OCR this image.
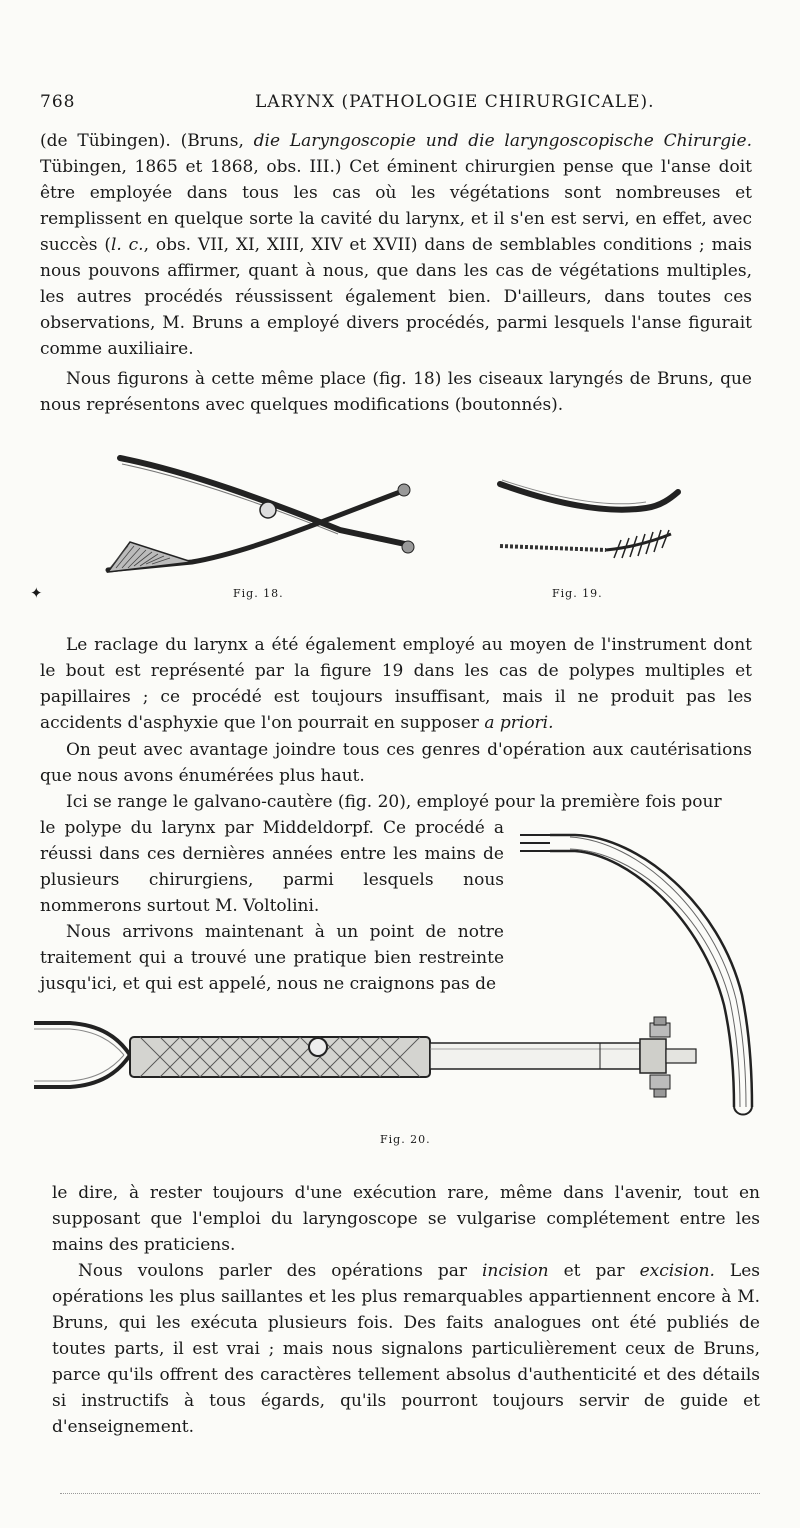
768	LARYNX (PATHOLOGIE CHIRURGICALE).

(de Tübingen). (Bruns, die Laryngoscopie und die laryngoscopische Chirurgie. Tübingen, 1865 et 1868, obs. III.) Cet éminent chirurgien pense que l'anse doit être employée dans tous les cas où les végétations sont nombreuses et remplissent en quelque sorte la cavité du larynx, et il s'en est servi, en effet, avec succès (l. c., obs. VII, XI, XIII, XIV et XVII) dans de semblables conditions ; mais nous pouvons affirmer, quant à nous, que dans les cas de végétations multiples, les autres procédés réussissent également bien. D'ailleurs, dans toutes ces observations, M. Bruns a employé divers procédés, parmi lesquels l'anse figurait comme auxiliaire.

Nous figurons à cette même place (fig. 18) les ciseaux laryngés de Bruns, que nous représentons avec quelques modifications (boutonnés).

Fig. 18.	Fig. 19.
✦

Le raclage du larynx a été également employé au moyen de l'instrument dont le bout est représenté par la figure 19 dans les cas de polypes multiples et papillaires ; ce procédé est toujours insuffisant, mais il ne produit pas les accidents d'asphyxie que l'on pourrait en supposer a priori.

On peut avec avantage joindre tous ces genres d'opération aux cautérisations que nous avons énumérées plus haut.

Ici se range le galvano-cautère (fig. 20), employé pour la première fois pour

le polype du larynx par Middeldorpf. Ce procédé a réussi dans ces dernières années entre les mains de plusieurs chirurgiens, parmi lesquels nous nommerons surtout M. Voltolini.

Nous arrivons maintenant à un point de notre traitement qui a trouvé une pratique bien restreinte jusqu'ici, et qui est appelé, nous ne craignons pas de

Fig. 20.

le dire, à rester toujours d'une exécution rare, même dans l'avenir, tout en supposant que l'emploi du laryngoscope se vulgarise complétement entre les mains des praticiens.

Nous voulons parler des opérations par incision et par excision. Les opérations les plus saillantes et les plus remarquables appartiennent encore à M. Bruns, qui les exécuta plusieurs fois. Des faits analogues ont été publiés de toutes parts, il est vrai ; mais nous signalons particulièrement ceux de Bruns, parce qu'ils offrent des caractères tellement absolus d'authenticité et des détails si instructifs à tous égards, qu'ils pourront toujours servir de guide et d'enseignement.
